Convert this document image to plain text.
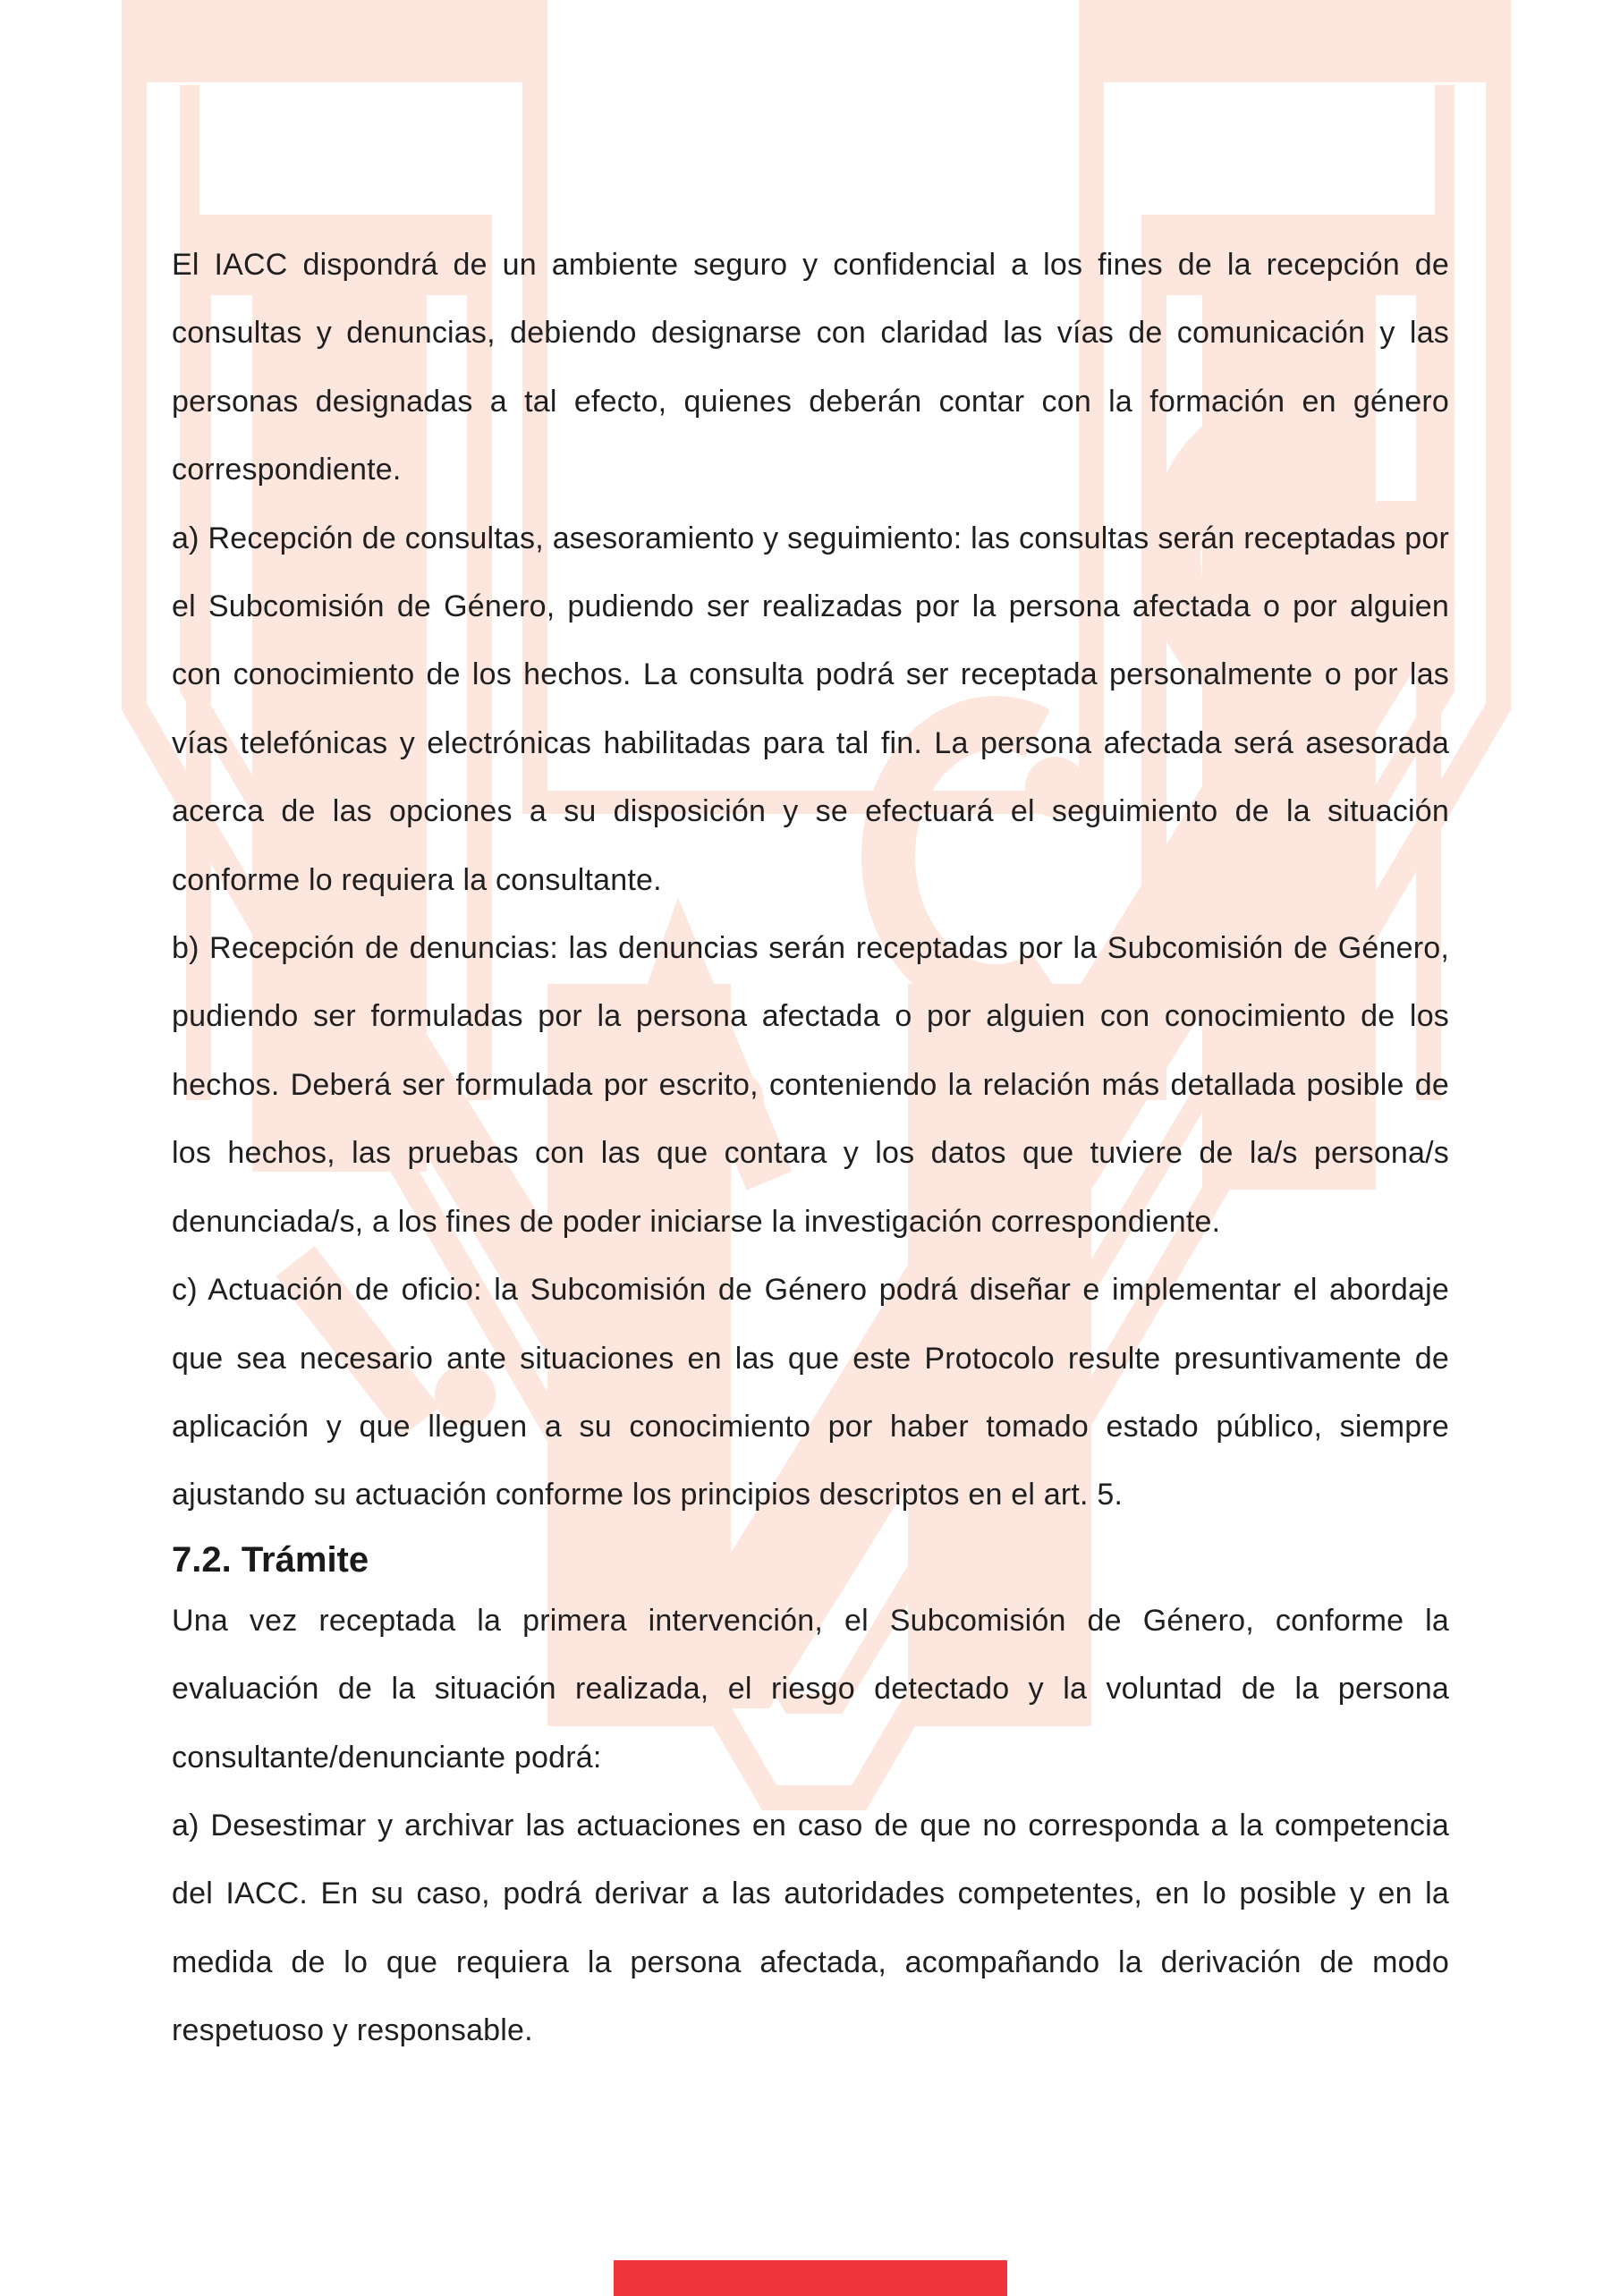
El IACC dispondrá de un ambiente seguro y confidencial a los fines de la recepción de consultas y denuncias, debiendo designarse con claridad las vías de comunicación y las personas designadas a tal efecto, quienes deberán contar con la formación en género correspondiente.

a) Recepción de consultas, asesoramiento y seguimiento: las consultas serán receptadas por el Subcomisión de Género, pudiendo ser realizadas por la persona afectada o por alguien con conocimiento de los hechos. La consulta podrá ser receptada personalmente o por las vías telefónicas y electrónicas habilitadas para tal fin. La persona afectada será asesorada acerca de las opciones a su disposición y se efectuará el seguimiento de la situación conforme lo requiera la consultante.

b) Recepción de denuncias: las denuncias serán receptadas por la Subcomisión de Género, pudiendo ser formuladas por la persona afectada o por alguien con conocimiento de los hechos. Deberá ser formulada por escrito, conteniendo la relación más detallada posible de los hechos, las pruebas con las que contara y los datos que tuviere de la/s persona/s denunciada/s, a los fines de poder iniciarse la investigación correspondiente.

c) Actuación de oficio: la Subcomisión de Género podrá diseñar e implementar el abordaje que sea necesario ante situaciones en las que este Protocolo resulte presuntivamente de aplicación y que lleguen a su conocimiento por haber tomado estado público, siempre ajustando su actuación conforme los principios descriptos en el art. 5.

7.2. Trámite

Una vez receptada la primera intervención, el Subcomisión de Género, conforme la evaluación de la situación realizada, el riesgo detectado y la voluntad de la persona consultante/denunciante podrá:

a) Desestimar y archivar las actuaciones en caso de que no corresponda a la competencia del IACC. En su caso, podrá derivar a las autoridades competentes, en lo posible y en la medida de lo que requiera la persona afectada, acompañando la derivación de modo respetuoso y responsable.
